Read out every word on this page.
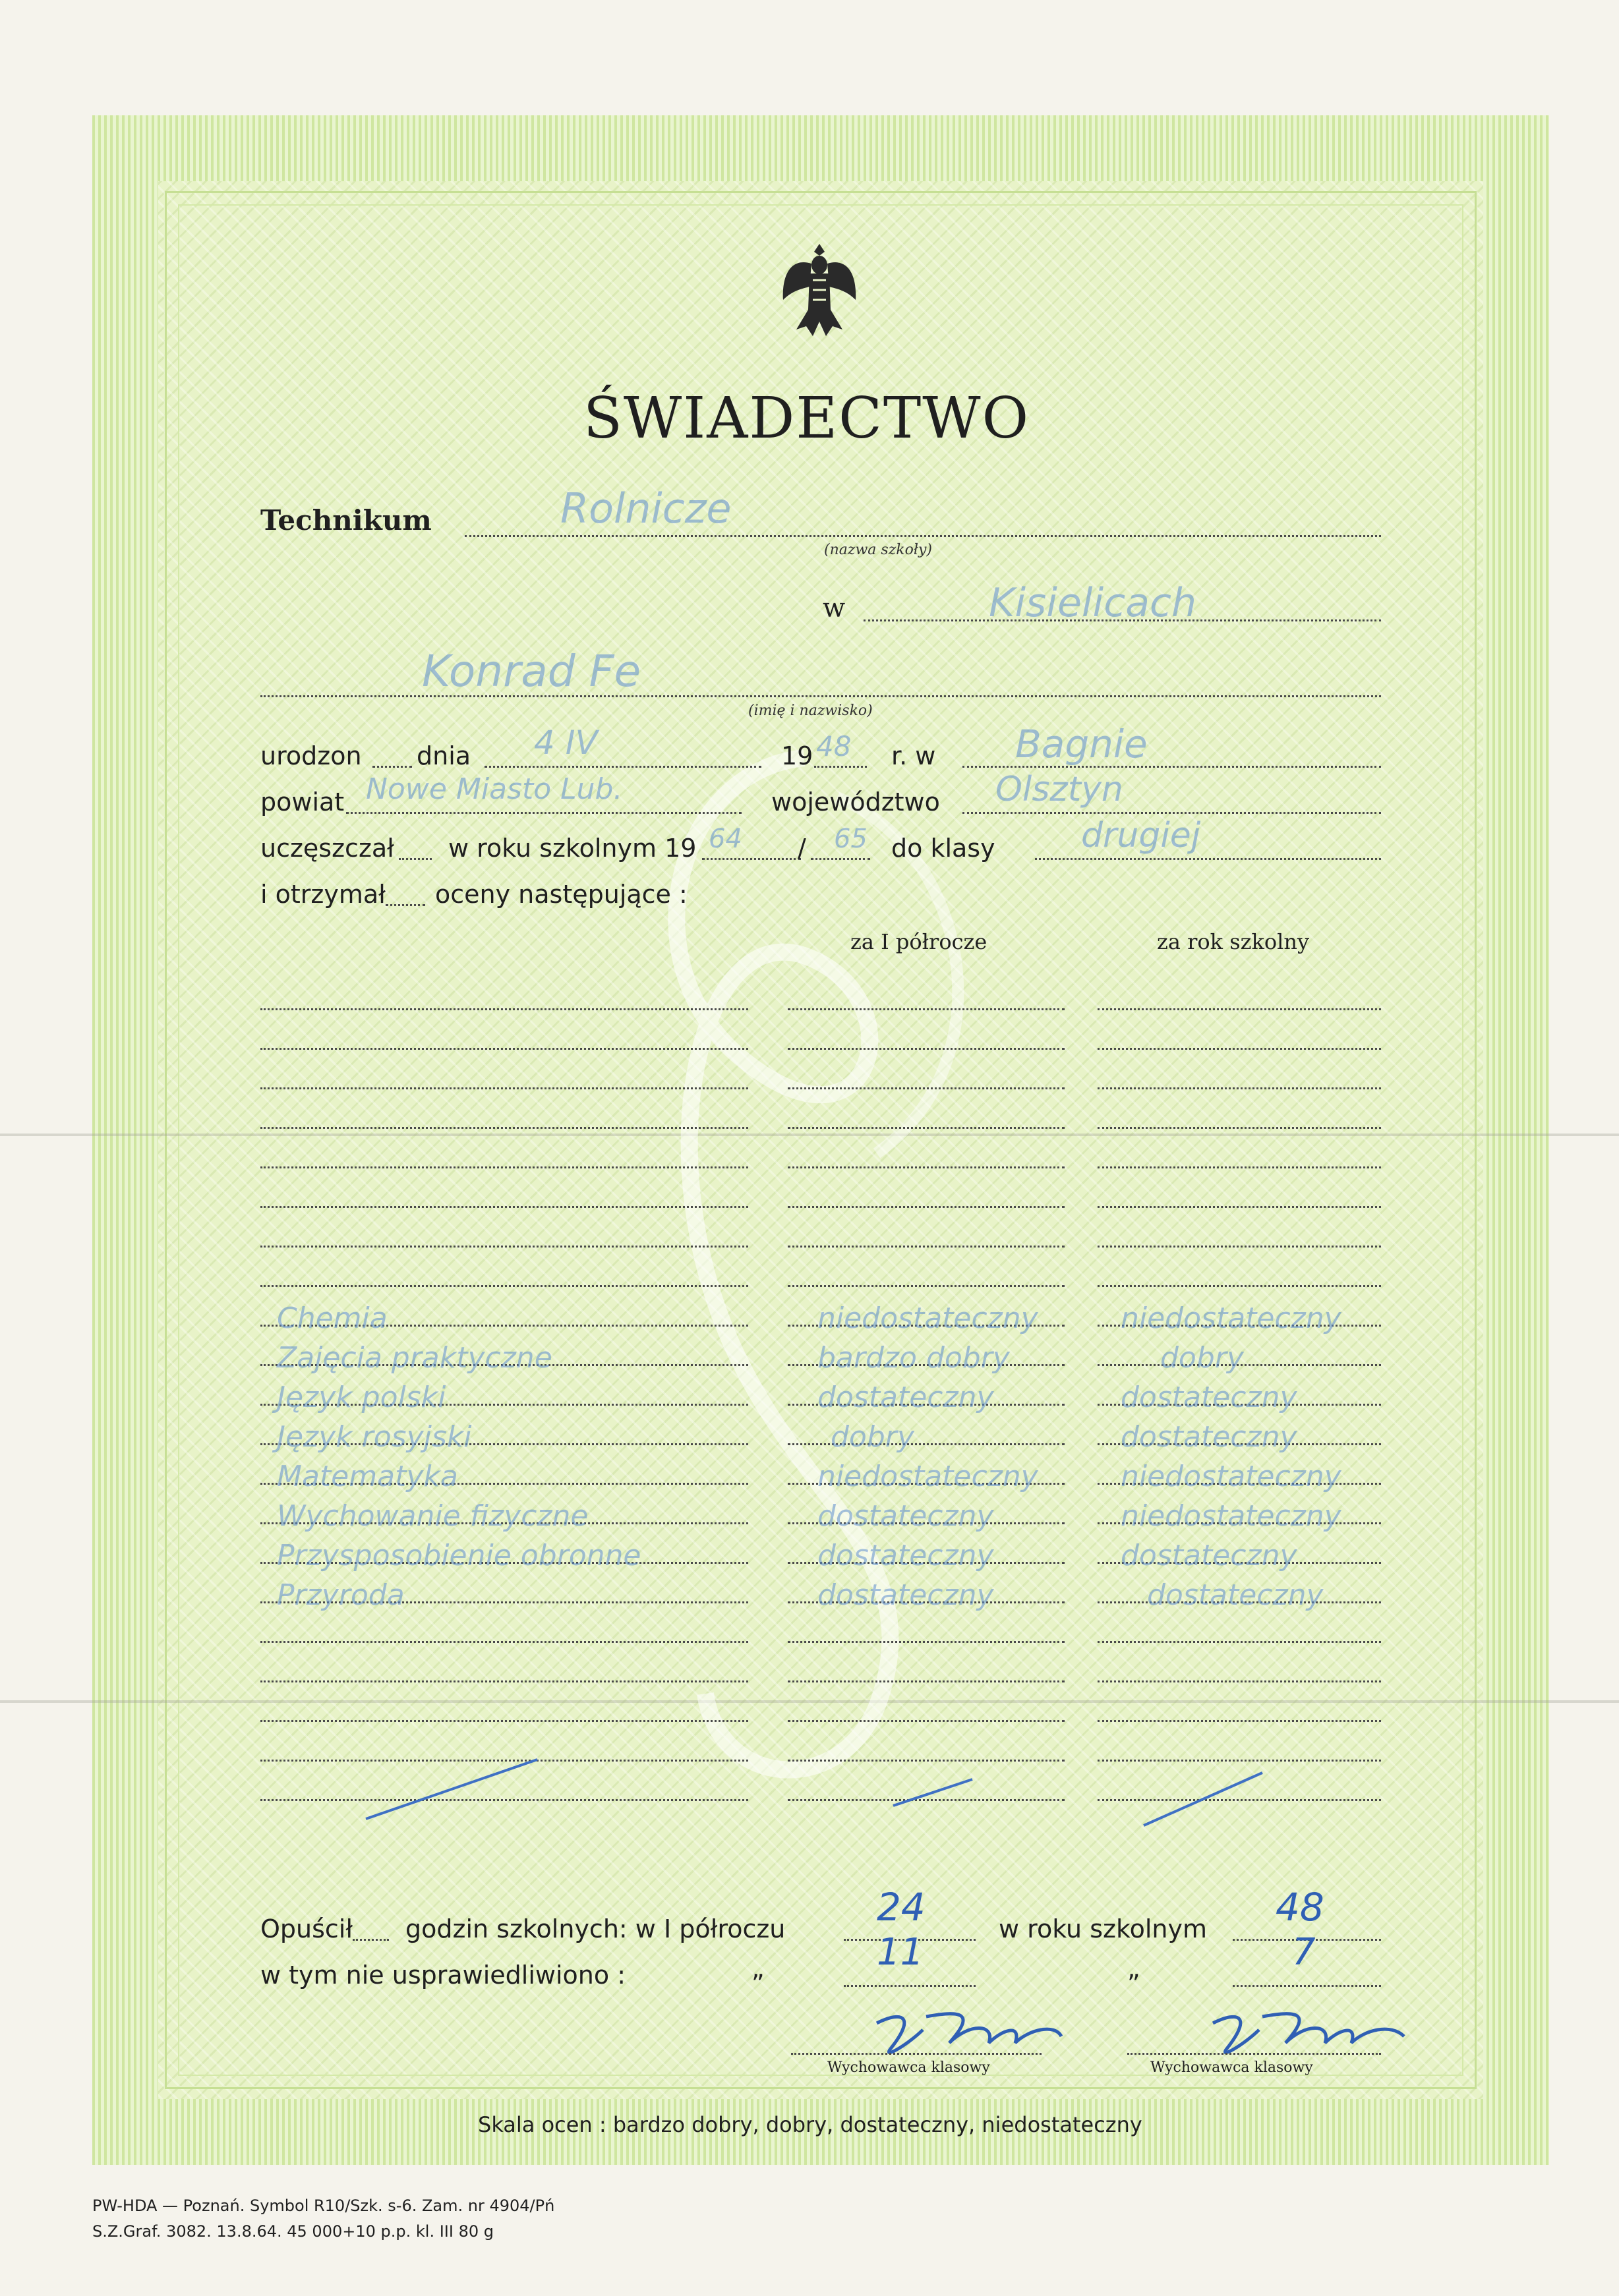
ŚWIADECTWO
Technikum	Rolnicze
(nazwa szkoły)
w	Kisielicach
Konrad Fe
(imię i nazwisko)
urodzon dnia 4 IV	19 48 r. w Bagnie
powiat Nowe Miasto Lub.	województwo Olsztyn
uczęszczał w roku szkolnym 19 64 / 65 do klasy	drugiej
i otrzymał oceny następujące :
za I półrocze	za rok szkolny
Chemia	niedostateczny	niedostateczny
Zajęcia praktyczne	bardzo dobry	dobry
Język polski	dostateczny	dostateczny
Język rosyjski	dobry	dostateczny
Matematyka	niedostateczny	niedostateczny
Wychowanie fizyczne	dostateczny	niedostateczny
Przysposobienie obronne	dostateczny	dostateczny
Przyroda	dostateczny	dostateczny
Opuścił godzin szkolnych: w I półroczu 24	w roku szkolnym 48
w tym nie usprawiedliwiono :	„	11	„	7
Wychowawca klasowy	Wychowawca klasowy
Skala ocen : bardzo dobry, dobry, dostateczny, niedostateczny
PW-HDA — Poznań. Symbol R10/Szk. s-6. Zam. nr 4904/Pń
S.Z.Graf. 3082. 13.8.64. 45 000+10 p.p. kl. III 80 g
